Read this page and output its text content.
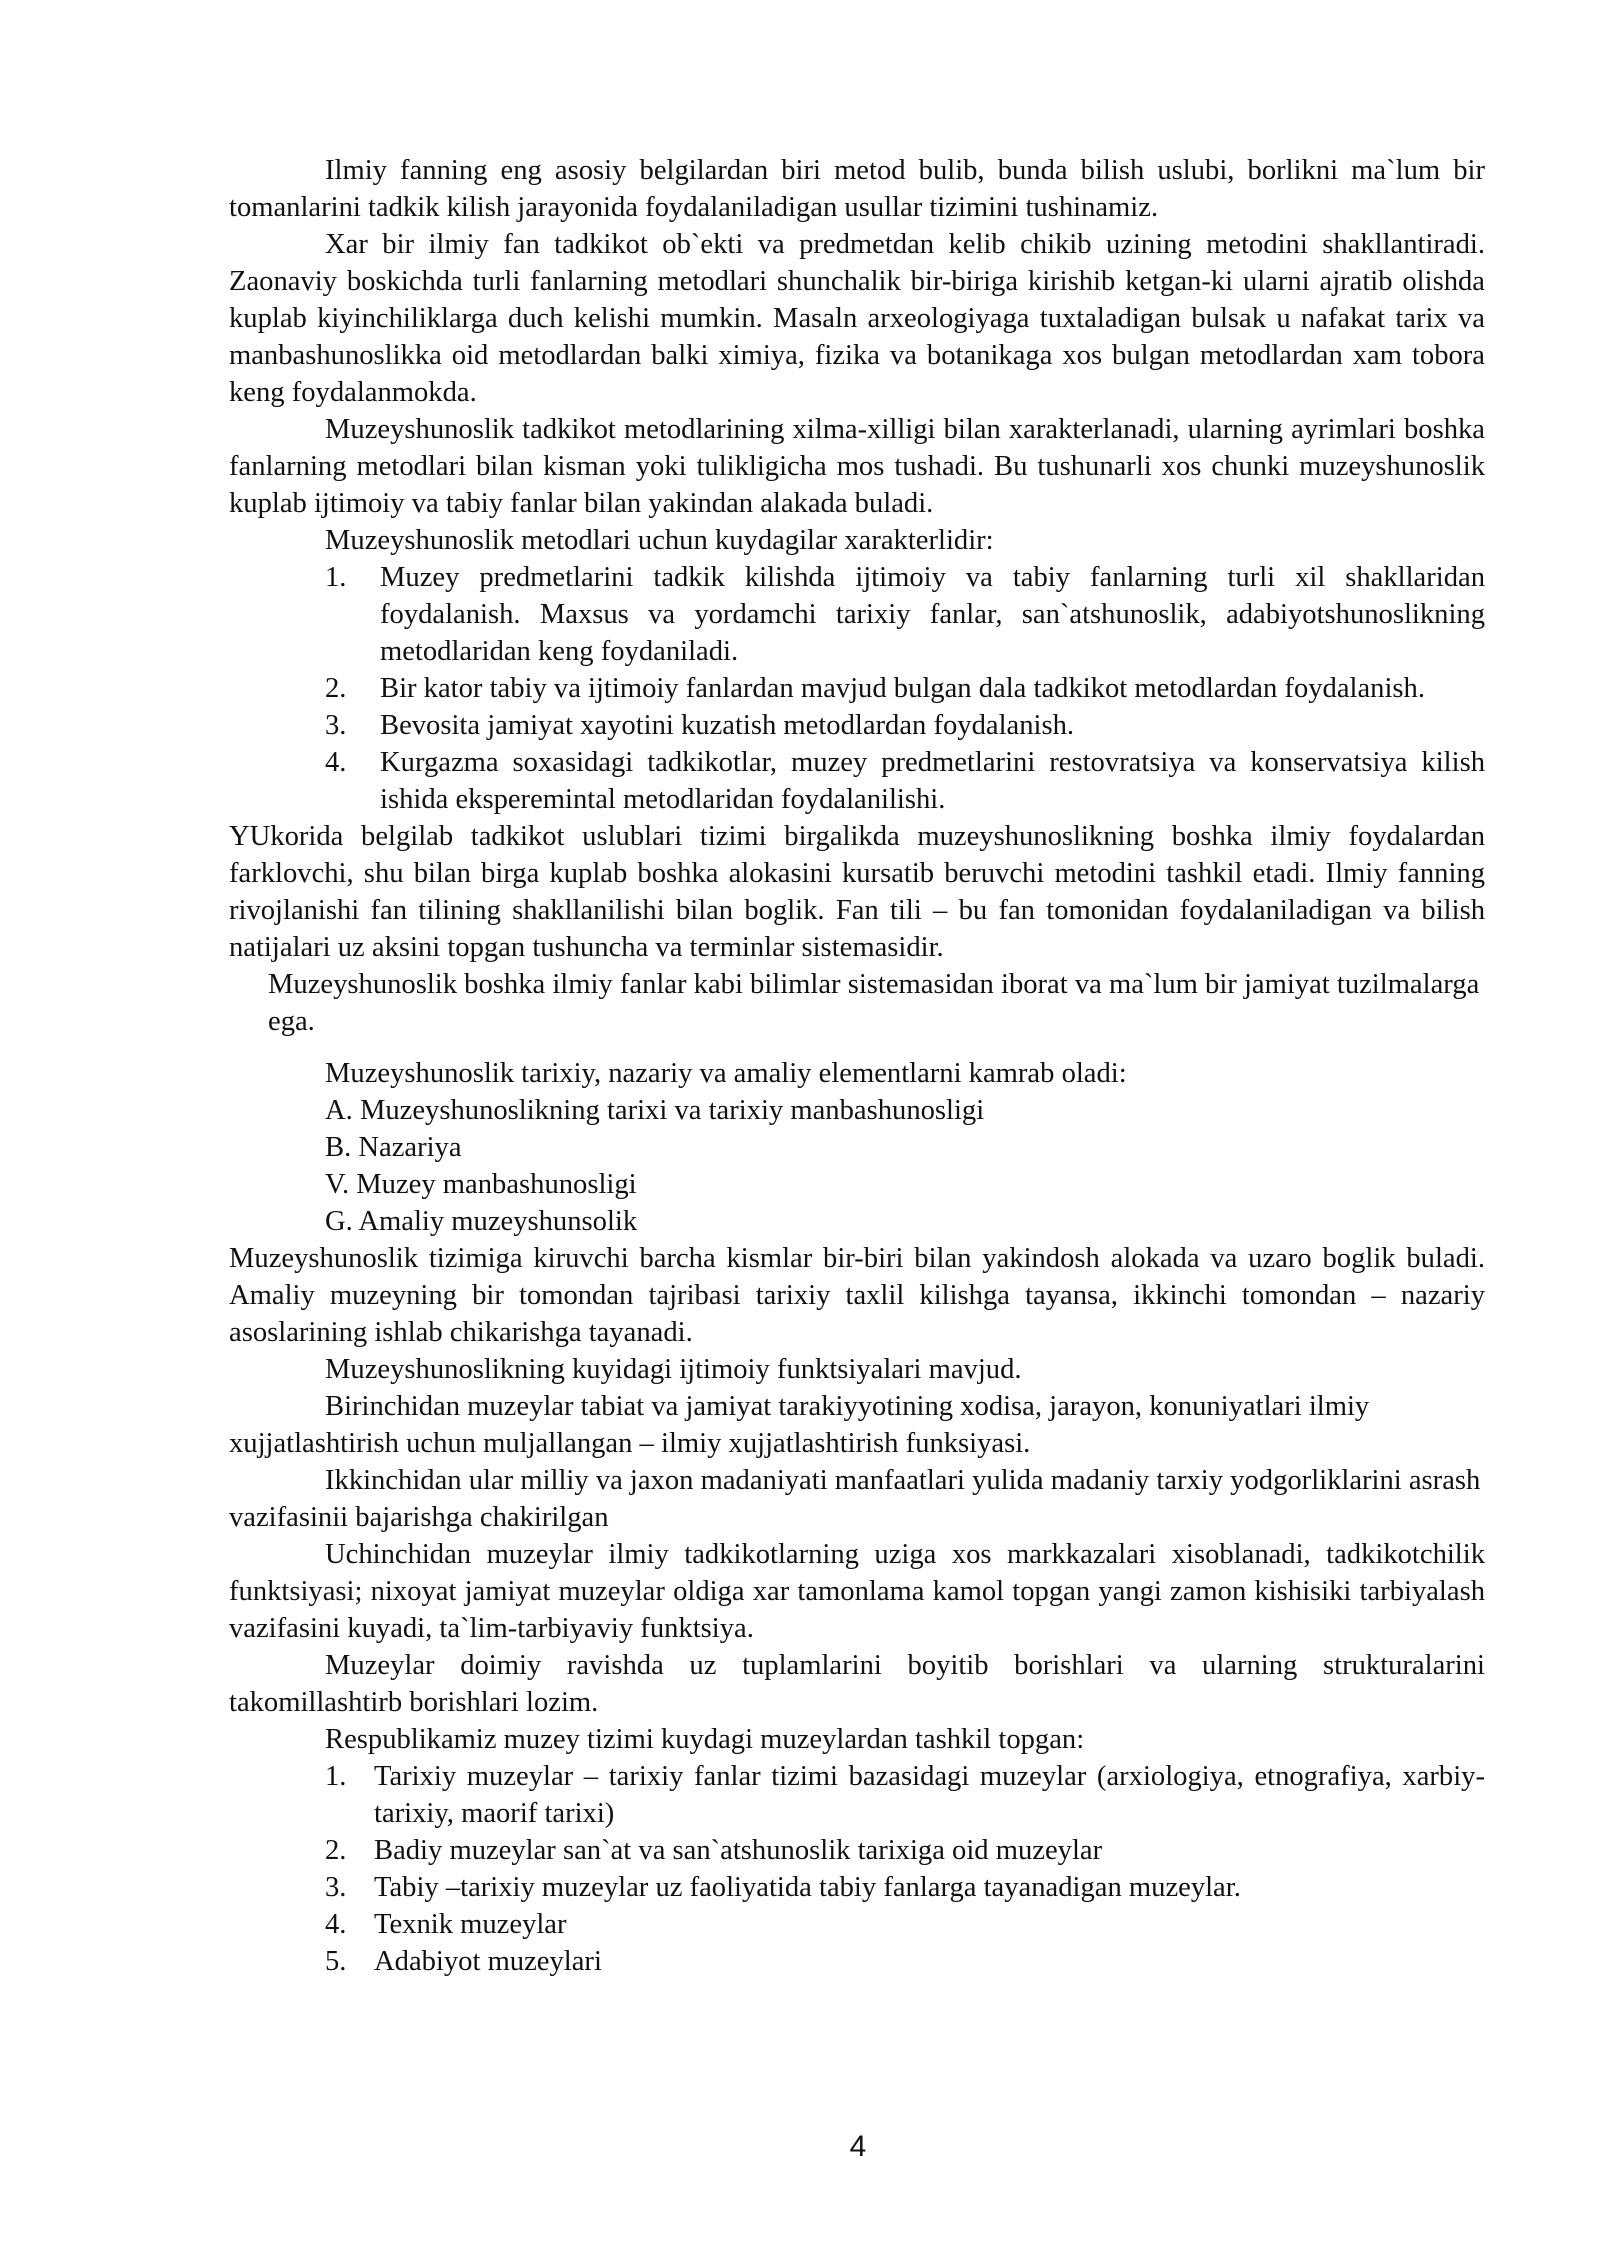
Ilmiy fanning eng asosiy belgilardan biri metod bulib, bunda bilish uslubi, borlikni ma`lum bir tomanlarini tadkik kilish jarayonida foydalaniladigan usullar tizimini tushinamiz.

Xar bir ilmiy fan tadkikot ob`ekti va predmetdan kelib chikib uzining metodini shakllantiradi. Zaonaviy boskichda turli fanlarning metodlari shunchalik bir-biriga kirishib ketgan-ki ularni ajratib olishda kuplab kiyinchiliklarga duch kelishi mumkin. Masaln arxeologiyaga tuxtaladigan bulsak u nafakat tarix va manbashunoslikka oid metodlardan balki ximiya, fizika va botanikaga xos bulgan metodlardan xam tobora keng foydalanmokda.

Muzeyshunoslik tadkikot metodlarining xilma-xilligi bilan xarakterlanadi, ularning ayrimlari boshka fanlarning metodlari bilan kisman yoki tulikligicha mos tushadi. Bu tushunarli xos chunki muzeyshunoslik kuplab ijtimoiy va tabiy fanlar bilan yakindan alakada buladi.

Muzeyshunoslik metodlari uchun kuydagilar xarakterlidir:

1. Muzey predmetlarini tadkik kilishda ijtimoiy va tabiy fanlarning turli xil shakllaridan foydalanish. Maxsus va yordamchi tarixiy fanlar, san`atshunoslik, adabiyotshunoslikning metodlaridan keng foydaniladi.
2. Bir kator tabiy va ijtimoiy fanlardan mavjud bulgan dala tadkikot metodlardan foydalanish.
3. Bevosita jamiyat xayotini kuzatish metodlardan foydalanish.
4. Kurgazma soxasidagi tadkikotlar, muzey predmetlarini restovratsiya va konservatsiya kilish ishida eksperemintal metodlaridan foydalanilishi.

YUkorida belgilab tadkikot uslublari tizimi birgalikda muzeyshunoslikning boshka ilmiy foydalardan farklovchi, shu bilan birga kuplab boshka alokasini kursatib beruvchi metodini tashkil etadi. Ilmiy fanning rivojlanishi fan tilining shakllanilishi bilan boglik. Fan tili – bu fan tomonidan foydalaniladigan va bilish natijalari uz aksini topgan tushuncha va terminlar sistemasidir.

Muzeyshunoslik boshka ilmiy fanlar kabi bilimlar sistemasidan iborat va ma`lum bir jamiyat tuzilmalarga ega.

Muzeyshunoslik tarixiy, nazariy va amaliy elementlarni kamrab oladi:

A. Muzeyshunoslikning tarixi va tarixiy manbashunosligi
B. Nazariya
V. Muzey manbashunosligi
G. Amaliy muzeyshunsolik

Muzeyshunoslik tizimiga kiruvchi barcha kismlar bir-biri bilan yakindosh alokada va uzaro boglik buladi. Amaliy muzeyning bir tomondan tajribasi tarixiy taxlil kilishga tayansa, ikkinchi tomondan – nazariy asoslarining ishlab chikarishga tayanadi.

Muzeyshunoslikning kuyidagi ijtimoiy funktsiyalari mavjud.

Birinchidan muzeylar tabiat va jamiyat tarakiyyotining xodisa, jarayon, konuniyatlari ilmiy xujjatlashtirish uchun muljallangan – ilmiy xujjatlashtirish funksiyasi.

Ikkinchidan ular milliy va jaxon madaniyati manfaatlari yulida madaniy tarxiy yodgorliklarini asrash vazifasinii bajarishga chakirilgan

Uchinchidan muzeylar ilmiy tadkikotlarning uziga xos markkazalari xisoblanadi, tadkikotchilik funktsiyasi; nixoyat jamiyat muzeylar oldiga xar tamonlama kamol topgan yangi zamon kishisiki tarbiyalash vazifasini kuyadi, ta`lim-tarbiyaviy funktsiya.

Muzeylar doimiy ravishda uz tuplamlarini boyitib borishlari va ularning strukturalarini takomillashtirb borishlari lozim.

Respublikamiz muzey tizimi kuydagi muzeylardan tashkil topgan:

1. Tarixiy muzeylar – tarixiy fanlar tizimi bazasidagi muzeylar (arxiologiya, etnografiya, xarbiy-tarixiy, maorif tarixi)
2. Badiy muzeylar san`at va san`atshunoslik tarixiga oid muzeylar
3. Tabiy –tarixiy muzeylar uz faoliyatida tabiy fanlarga tayanadigan muzeylar.
4. Texnik muzeylar
5. Adabiyot muzeylari
4
